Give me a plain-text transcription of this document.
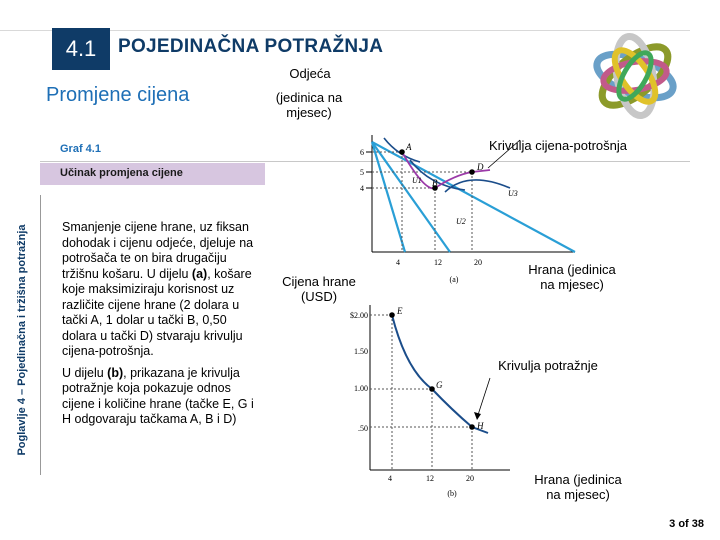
4.1 POJEDINAČNA POTRAŽNJA
Promjene cijena
Poglavlje 4 – Pojedinačna i tržišna potražnja
Graf 4.1
Učinak promjena cijene

Smanjenje cijene hrane, uz fiksan dohodak i cijenu odjeće, djeluje na potrošača te on bira drugačiju tržišnu košaru. U dijelu (a), košare koje maksimiziraju korisnost uz različite cijene hrane (2 dolara u tački A, 1 dolar u tački B, 0,50 dolara u tački D) stvaraju krivulju cijena-potrošnja.

U dijelu (b), prikazana je krivulja potražnje koja pokazuje odnos cijene i količine hrane (tačke E, G i H odgovaraju tačkama A, B i D)

Odjeća
(jedinica na mjesec)
Krivulja cijena-potrošnja
Cijena hrane (USD)
Hrana (jedinica na mjesec)
Krivulja potražnje
Hrana (jedinica na mjesec)
6
5
4
A
B
D
U1
U2
U3
4	12	20
(a)
$2.00
1.50
1.00
.50
E
G
H
4	12	20
(b)
3 of 38
